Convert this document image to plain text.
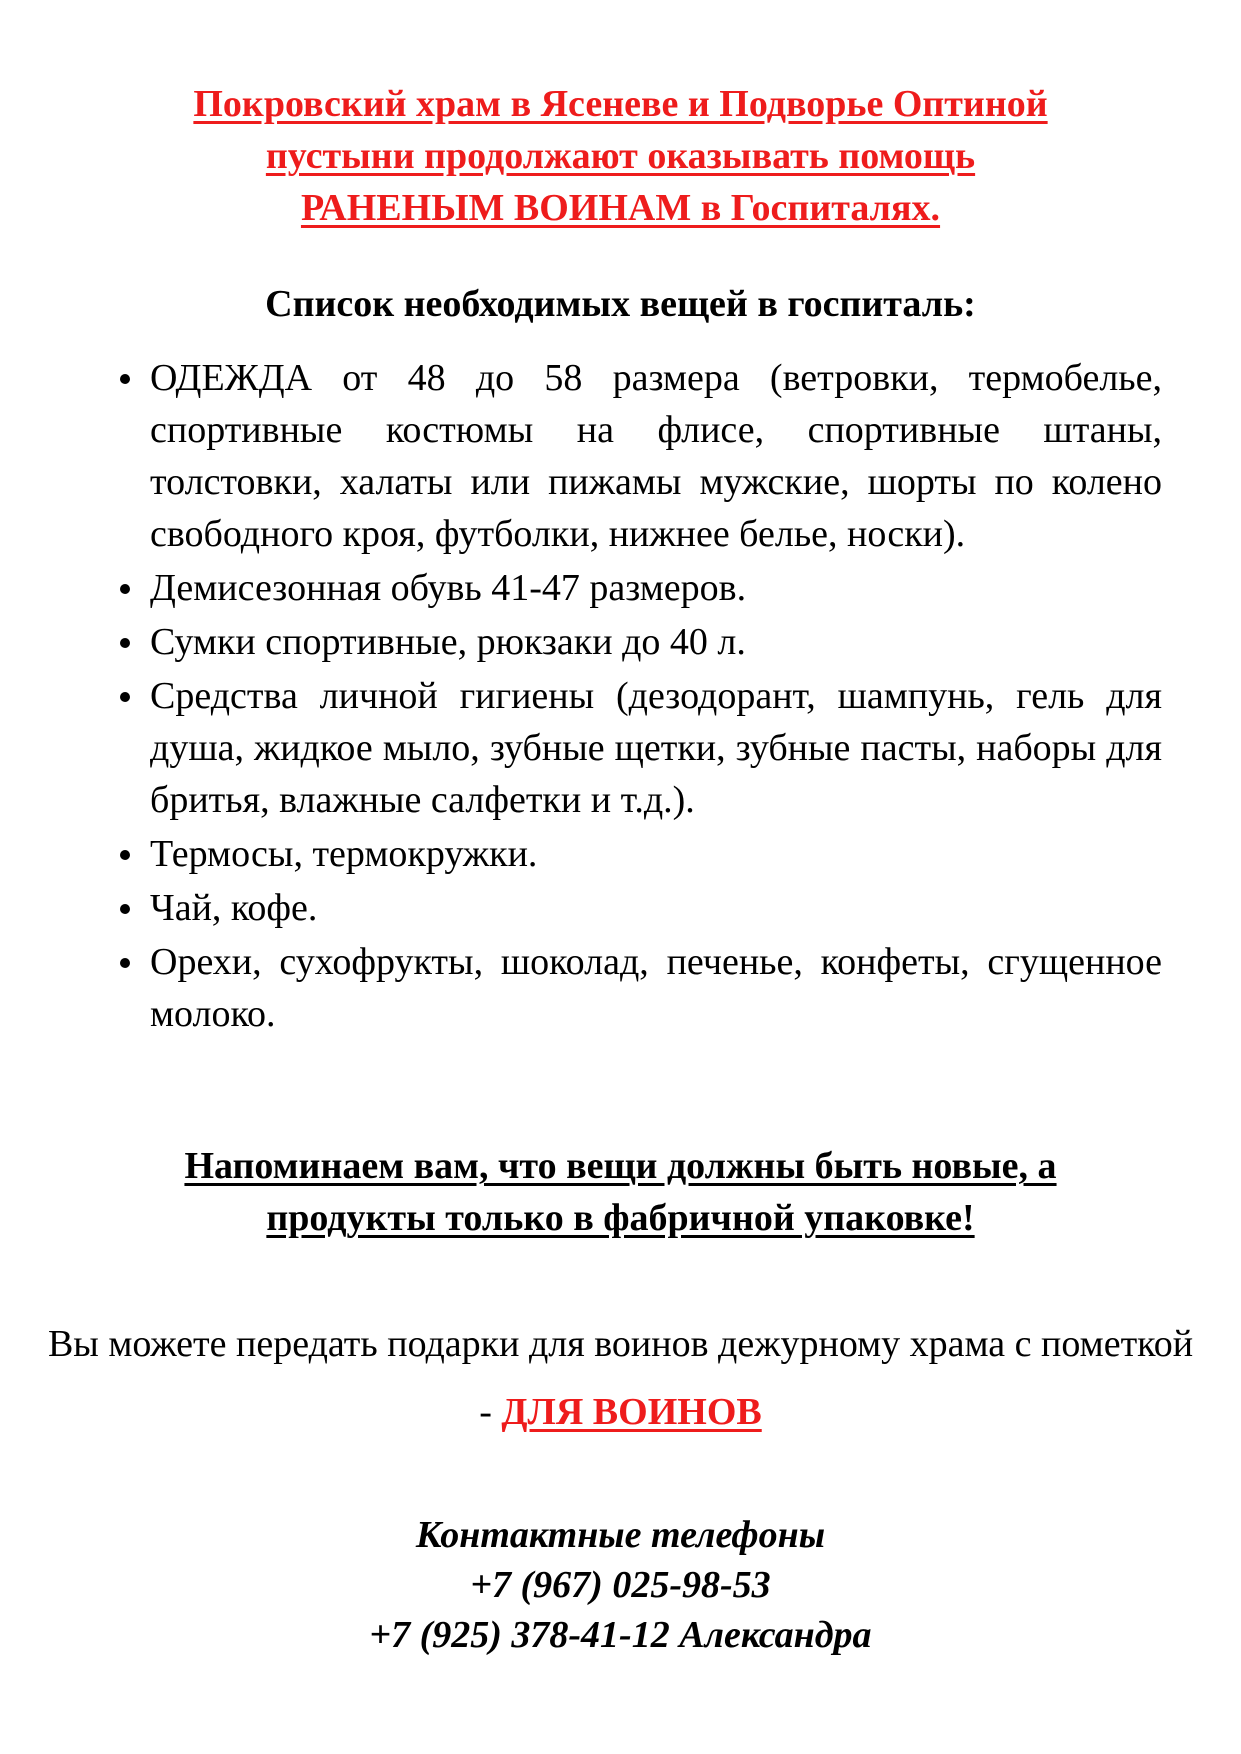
Покровский храм в Ясеневе и Подворье Оптиной
пустыни продолжают оказывать помощь
РАНЕНЫМ ВОИНАМ в Госпиталях.
Список необходимых вещей в госпиталь:
ОДЕЖДА от 48 до 58 размера (ветровки, термобелье, спортивные костюмы на флисе, спортивные штаны, толстовки, халаты или пижамы мужские, шорты по колено свободного кроя, футболки, нижнее белье, носки).
Демисезонная обувь 41-47 размеров.
Сумки спортивные, рюкзаки до 40 л.
Средства личной гигиены (дезодорант, шампунь, гель для душа, жидкое мыло, зубные щетки, зубные пасты, наборы для бритья, влажные салфетки и т.д.).
Термосы, термокружки.
Чай, кофе.
Орехи, сухофрукты, шоколад, печенье, конфеты, сгущенное молоко.
Напоминаем вам, что вещи должны быть новые, а
продукты только в фабричной упаковке!
Вы можете передать подарки для воинов дежурному храма с пометкой - ДЛЯ ВОИНОВ
Контактные телефоны
+7 (967) 025-98-53
+7 (925) 378-41-12 Александра
